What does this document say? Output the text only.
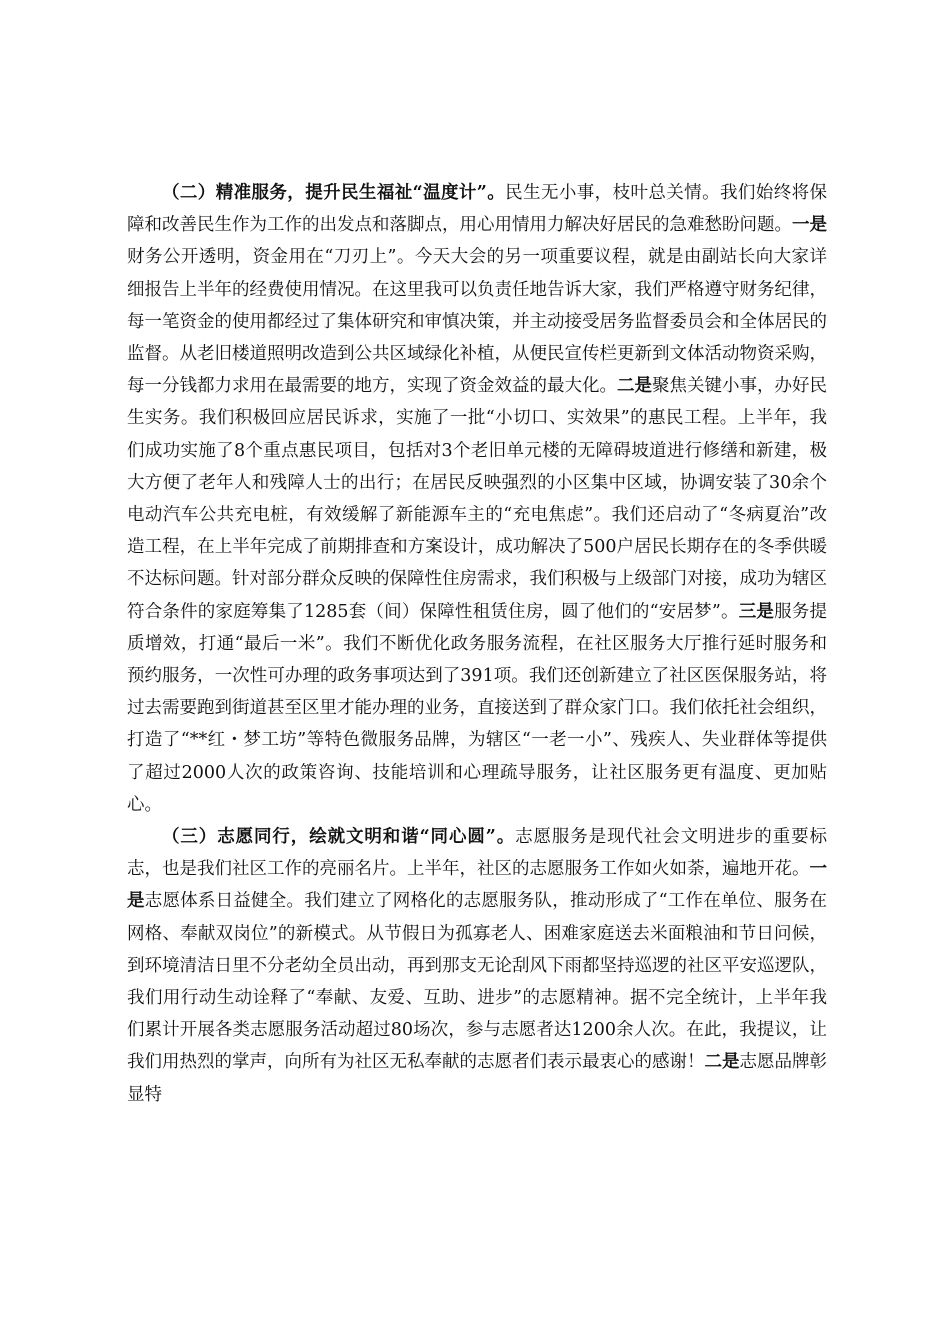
（二）精准服务，提升民生福祉“温度计”。民生无小事，枝叶总关情。我们始终将保障和改善民生作为工作的出发点和落脚点，用心用情用力解决好居民的急难愁盼问题。一是财务公开透明，资金用在“刀刃上”。今天大会的另一项重要议程，就是由副站长向大家详细报告上半年的经费使用情况。在这里我可以负责任地告诉大家，我们严格遵守财务纪律，每一笔资金的使用都经过了集体研究和审慎决策，并主动接受居务监督委员会和全体居民的监督。从老旧楼道照明改造到公共区域绿化补植，从便民宣传栏更新到文体活动物资采购，每一分钱都力求用在最需要的地方，实现了资金效益的最大化。二是聚焦关键小事，办好民生实务。我们积极回应居民诉求，实施了一批“小切口、实效果”的惠民工程。上半年，我们成功实施了8个重点惠民项目，包括对3个老旧单元楼的无障碍坡道进行修缮和新建，极大方便了老年人和残障人士的出行；在居民反映强烈的小区集中区域，协调安装了30余个电动汽车公共充电桩，有效缓解了新能源车主的“充电焦虑”。我们还启动了“冬病夏治”改造工程，在上半年完成了前期排查和方案设计，成功解决了500户居民长期存在的冬季供暖不达标问题。针对部分群众反映的保障性住房需求，我们积极与上级部门对接，成功为辖区符合条件的家庭筹集了1285套（间）保障性租赁住房，圆了他们的“安居梦”。三是服务提质增效，打通“最后一米”。我们不断优化政务服务流程，在社区服务大厅推行延时服务和预约服务，一次性可办理的政务事项达到了391项。我们还创新建立了社区医保服务站，将过去需要跑到街道甚至区里才能办理的业务，直接送到了群众家门口。我们依托社会组织，打造了“**红・梦工坊”等特色微服务品牌，为辖区“一老一小”、残疾人、失业群体等提供了超过2000人次的政策咨询、技能培训和心理疏导服务，让社区服务更有温度、更加贴心。

（三）志愿同行，绘就文明和谐“同心圆”。志愿服务是现代社会文明进步的重要标志，也是我们社区工作的亮丽名片。上半年，社区的志愿服务工作如火如荼，遍地开花。一是志愿体系日益健全。我们建立了网格化的志愿服务队，推动形成了“工作在单位、服务在网格、奉献双岗位”的新模式。从节假日为孤寡老人、困难家庭送去米面粮油和节日问候，到环境清洁日里不分老幼全员出动，再到那支无论刮风下雨都坚持巡逻的社区平安巡逻队，我们用行动生动诠释了“奉献、友爱、互助、进步”的志愿精神。据不完全统计，上半年我们累计开展各类志愿服务活动超过80场次，参与志愿者达1200余人次。在此，我提议，让我们用热烈的掌声，向所有为社区无私奉献的志愿者们表示最衷心的感谢！二是志愿品牌彰显特
